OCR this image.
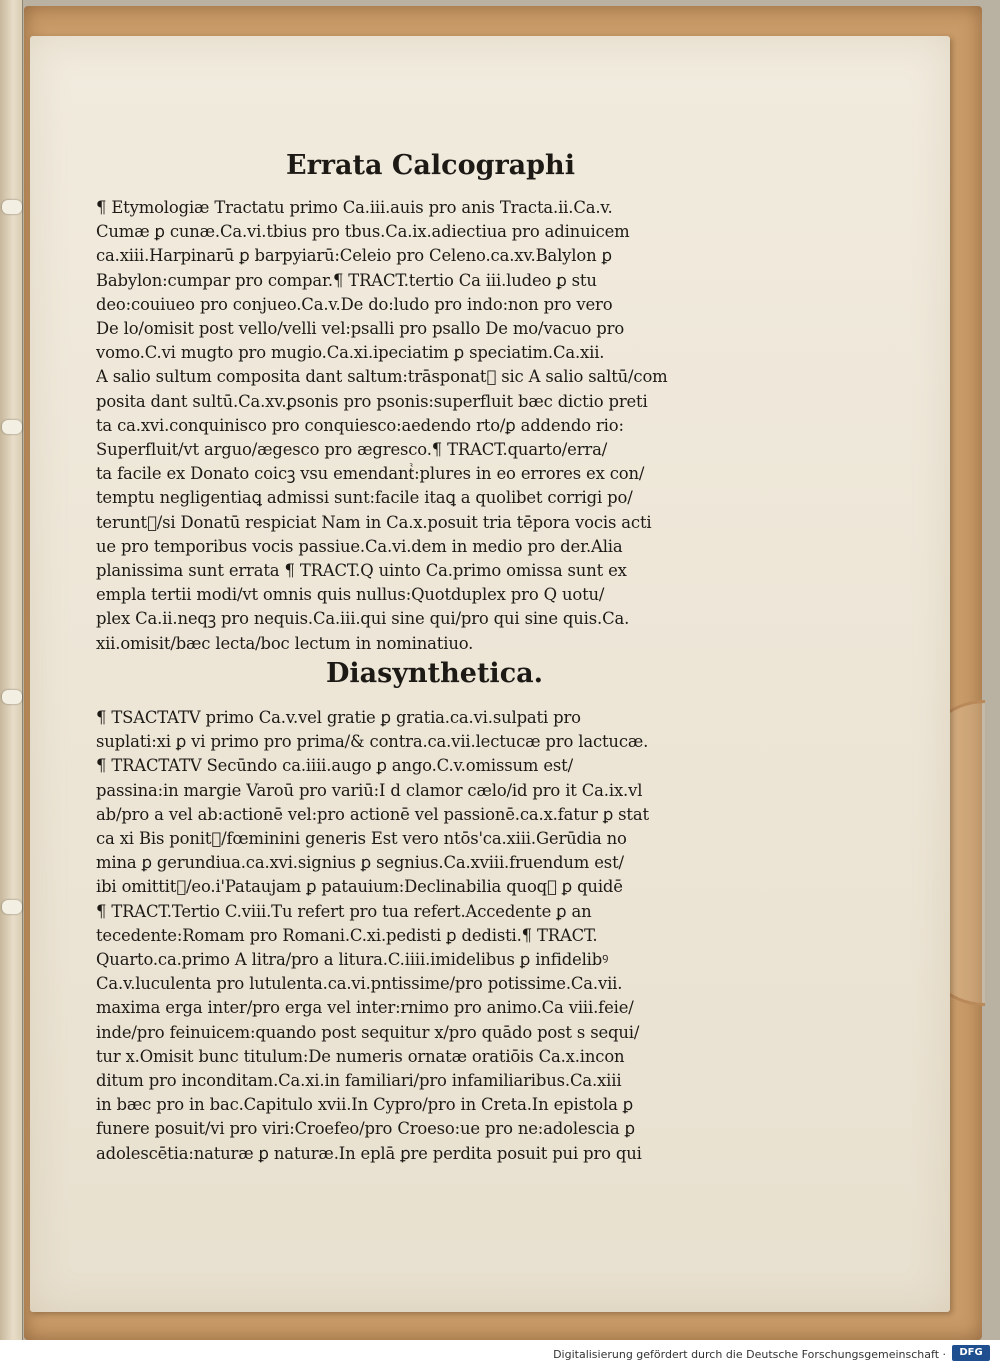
Errata Calcographi
¶ Etymologiæ Tractatu primo Ca.iii.auis pro anis Tracta.ii.Ca.v.
Cumæ ꝑ cunæ.Ca.vi.tbius pro tbus.Ca.ix.adiectiua pro adinuicem
ca.xiii.Harpinarū ꝑ barpyiarū:Celeio pro Celeno.ca.xv.Balylon ꝑ
Babylon:cumpar pro compar.¶ TRACT.tertio Ca iii.ludeo ꝑ stu
deo:couiueo pro conjueo.Ca.v.De do:ludo pro indo:non pro vero
De lo/omisit post vello/velli vel:psalli pro psallo De mo/vacuo pro
vomo.C.vi mugto pro mugio.Ca.xi.ipeciatim ꝑ speciatim.Ca.xii.
A salio sultum composita dant saltum:trāsponatᷣ sic A salio saltū/com
posita dant sultū.Ca.xv.ꝑsonis pro psonis:superfluit bæc dictio preti
ta ca.xvi.conquinisco pro conquiesco:aedendo rto/ꝑ addendo rio:
Superfluit/vt arguo/ægesco pro ægresco.¶ TRACT.quarto/erra/
ta facile ex Donato coicꝫ vsu emendantᷣ:plures in eo errores ex con/
temptu negligentiaꝗ admissi sunt:facile itaꝗ a quolibet corrigi po/
teruntᷣ/si Donatū respiciat Nam in Ca.x.posuit tria tēpora vocis acti
ue pro temporibus vocis passiue.Ca.vi.dem in medio pro der.Alia
planissima sunt errata ¶ TRACT.Q uinto Ca.primo omissa sunt ex
empla tertii modi/vt omnis quis nullus:Quotduplex pro Q uotu/
plex Ca.ii.neqꝫ pro nequis.Ca.iii.qui sine qui/pro qui sine quis.Ca.
xii.omisit/bæc lecta/boc lectum in nominatiuo.
Diasynthetica.
¶ TSACTATV primo Ca.v.vel gratie ꝑ gratia.ca.vi.sulpati pro
suplati:xi ꝑ vi primo pro prima/& contra.ca.vii.lectucæ pro lactucæ.
¶ TRACTATV Secūndo ca.iiii.augo ꝑ ango.C.v.omissum est/
passina:in margie Varoū pro variū:I d clamor cælo/id pro it Ca.ix.vl
ab/pro a vel ab:actionē vel:pro actionē vel passionē.ca.x.fatur ꝑ stat
ca xi Bis ponitᷣ/fœminini generis Est vero ntōs'ca.xiii.Gerūdia no
mina ꝑ gerundiua.ca.xvi.signius ꝑ segnius.Ca.xviii.fruendum est/
ibi omittitᷣ/eo.i'Pataujam ꝑ patauium:Declinabilia quoqꝫ ꝑ quidē
¶ TRACT.Tertio C.viii.Tu refert pro tua refert.Accedente ꝑ an
tecedente:Romam pro Romani.C.xi.pedisti ꝑ dedisti.¶ TRACT.
Quarto.ca.primo A litra/pro a litura.C.iiii.imidelibus ꝑ infidelibꝰ
Ca.v.luculenta pro lutulenta.ca.vi.pntissime/pro potissime.Ca.vii.
maxima erga inter/pro erga vel inter:rnimo pro animo.Ca viii.feie/
inde/pro feinuicem:quando post sequitur x/pro quādo post s sequi/
tur x.Omisit bunc titulum:De numeris ornatæ oratiōis Ca.x.incon
ditum pro inconditam.Ca.xi.in familiari/pro infamiliaribus.Ca.xiii
in bæc pro in bac.Capitulo xvii.In Cypro/pro in Creta.In epistola ꝑ
funere posuit/vi pro viri:Croefeo/pro Croeso:ue pro ne:adolescia ꝑ
adolescētia:naturæ ꝑ naturæ.In eplā ꝑre perdita posuit pui pro qui
Digitalisierung gefördert durch die Deutsche Forschungsgemeinschaft ·	DFG
